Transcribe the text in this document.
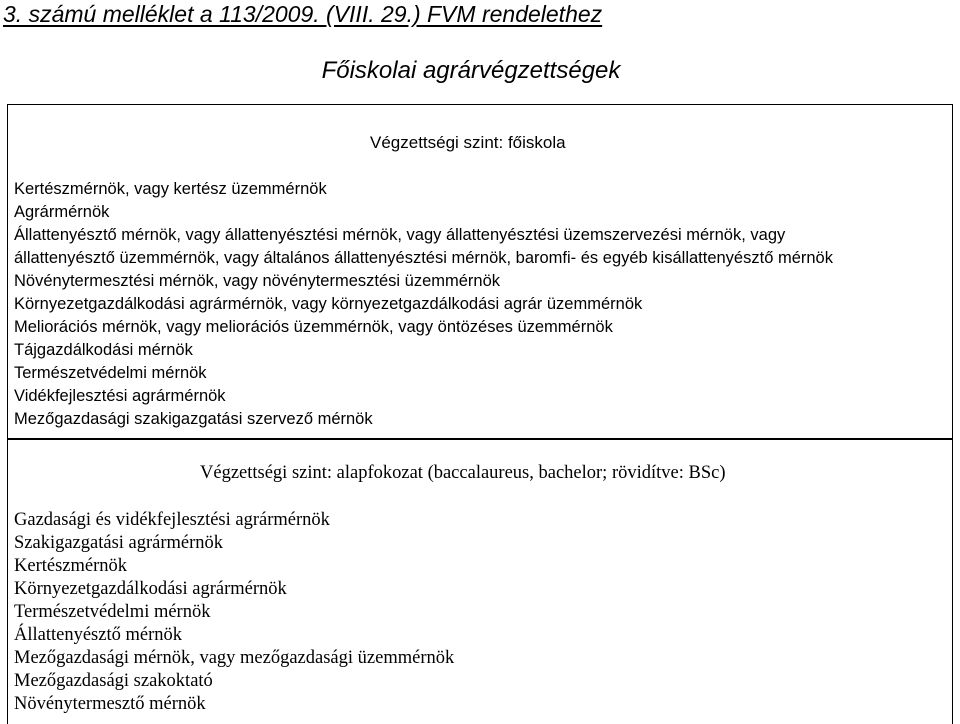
3. számú melléklet a 113/2009. (VIII. 29.) FVM rendelethez
Főiskolai agrárvégzettségek
Végzettségi szint: főiskola
Kertészmérnök, vagy kertész üzemmérnök
Agrármérnök
Állattenyésztő mérnök, vagy állattenyésztési mérnök, vagy állattenyésztési üzemszervezési mérnök, vagy
állattenyésztő üzemmérnök, vagy általános állattenyésztési mérnök, baromfi- és egyéb kisállattenyésztő mérnök
Növénytermesztési mérnök, vagy növénytermesztési üzemmérnök
Környezetgazdálkodási agrármérnök, vagy környezetgazdálkodási agrár üzemmérnök
Meliorációs mérnök, vagy meliorációs üzemmérnök, vagy öntözéses üzemmérnök
Tájgazdálkodási mérnök
Természetvédelmi mérnök
Vidékfejlesztési agrármérnök
Mezőgazdasági szakigazgatási szervező mérnök
Végzettségi szint: alapfokozat (baccalaureus, bachelor; rövidítve: BSc)
Gazdasági és vidékfejlesztési agrármérnök
Szakigazgatási agrármérnök
Kertészmérnök
Környezetgazdálkodási agrármérnök
Természetvédelmi mérnök
Állattenyésztő mérnök
Mezőgazdasági mérnök, vagy mezőgazdasági üzemmérnök
Mezőgazdasági szakoktató
Növénytermesztő mérnök
